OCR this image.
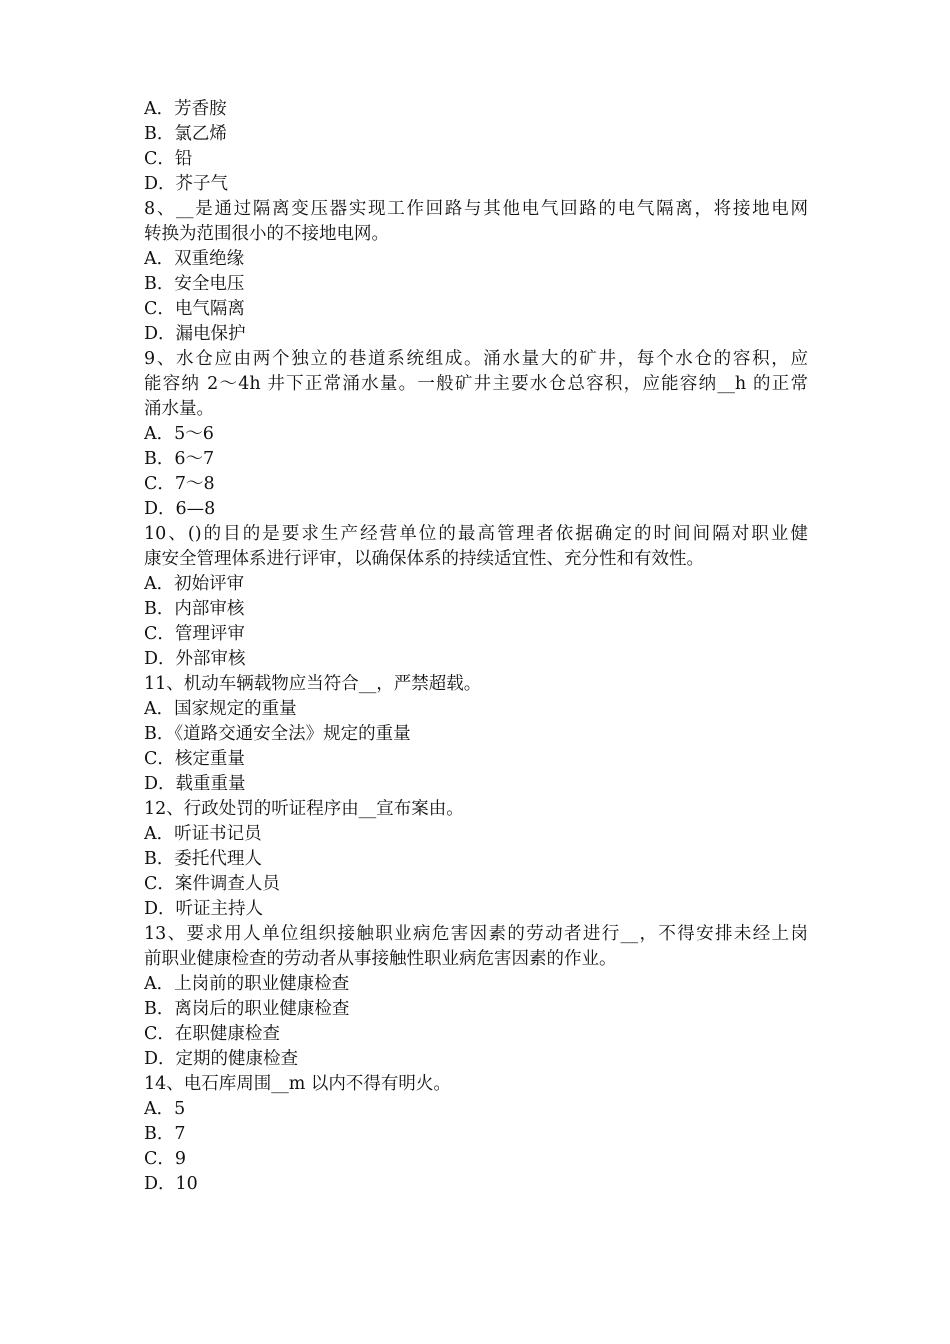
A．芳香胺
B．氯乙烯
C．铅
D．芥子气
8、__是通过隔离变压器实现工作回路与其他电气回路的电气隔离，将接地电网
转换为范围很小的不接地电网。
A．双重绝缘
B．安全电压
C．电气隔离
D．漏电保护
9、水仓应由两个独立的巷道系统组成。涌水量大的矿井，每个水仓的容积，应
能容纳 2～4h 井下正常涌水量。一般矿井主要水仓总容积，应能容纳__h 的正常
涌水量。
A．5～6
B．6～7
C．7～8
D．6—8
10、()的目的是要求生产经营单位的最高管理者依据确定的时间间隔对职业健
康安全管理体系进行评审，以确保体系的持续适宜性、充分性和有效性。
A．初始评审
B．内部审核
C．管理评审
D．外部审核
11、机动车辆载物应当符合__，严禁超载。
A．国家规定的重量
B．《道路交通安全法》规定的重量
C．核定重量
D．载重重量
12、行政处罚的听证程序由__宣布案由。
A．听证书记员
B．委托代理人
C．案件调查人员
D．听证主持人
13、要求用人单位组织接触职业病危害因素的劳动者进行__，不得安排未经上岗
前职业健康检查的劳动者从事接触性职业病危害因素的作业。
A．上岗前的职业健康检查
B．离岗后的职业健康检查
C．在职健康检查
D．定期的健康检查
14、电石库周围__m 以内不得有明火。
A．5
B．7
C．9
D．10
